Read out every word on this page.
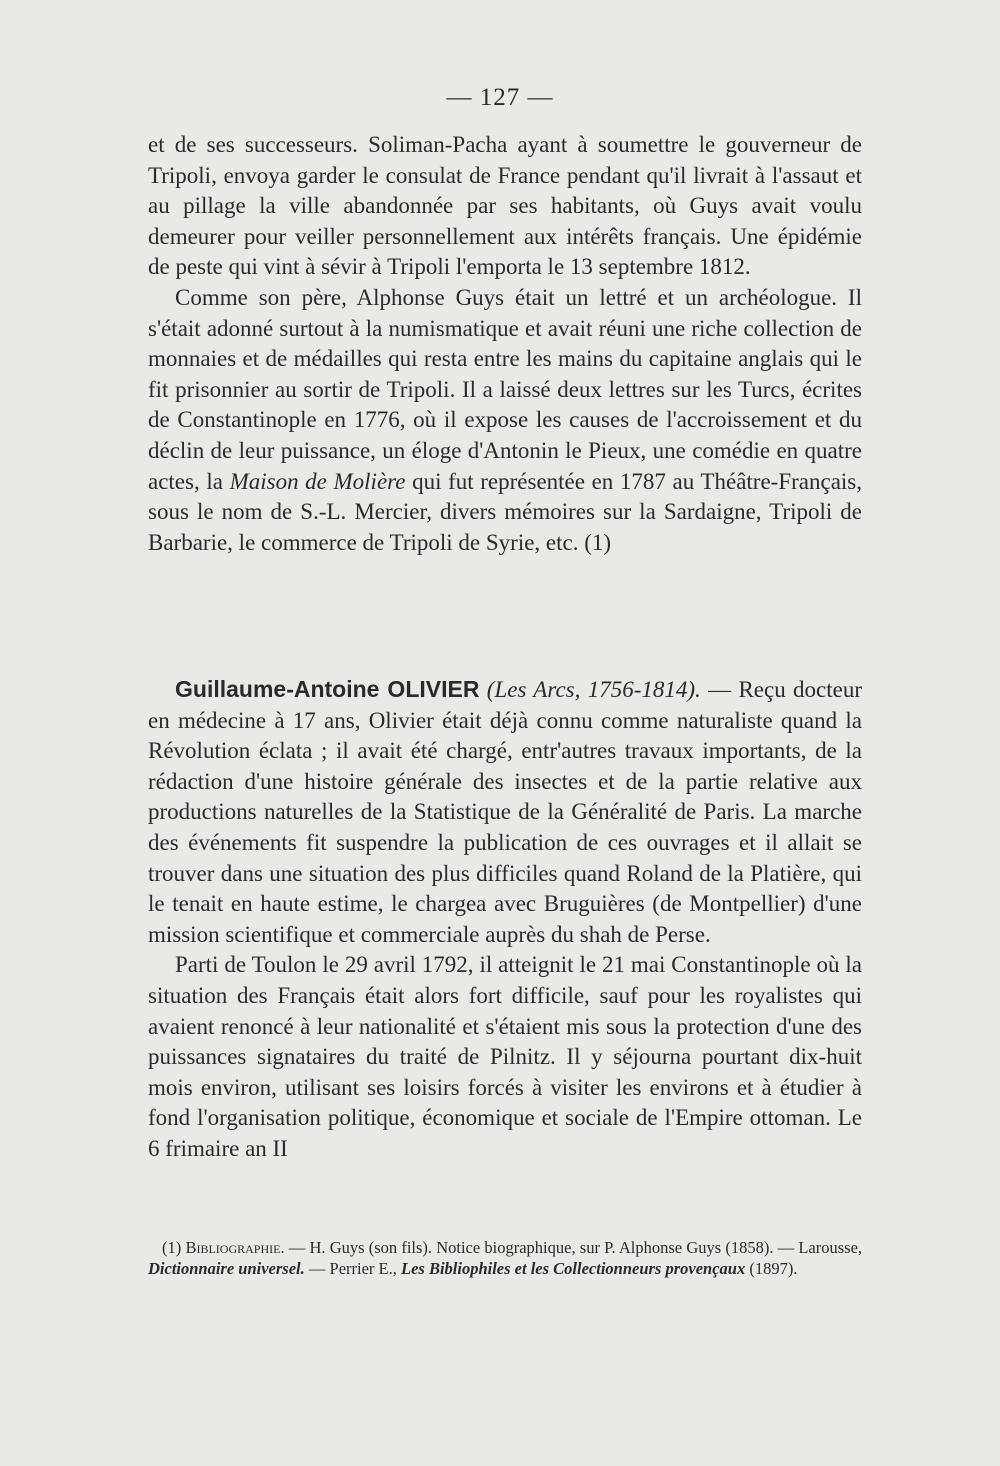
— 127 —

et de ses successeurs. Soliman-Pacha ayant à soumettre le gouverneur de Tripoli, envoya garder le consulat de France pendant qu'il livrait à l'assaut et au pillage la ville abandonnée par ses habitants, où Guys avait voulu demeurer pour veiller personnellement aux intérêts français. Une épidémie de peste qui vint à sévir à Tripoli l'emporta le 13 septembre 1812.

Comme son père, Alphonse Guys était un lettré et un archéologue. Il s'était adonné surtout à la numismatique et avait réuni une riche collection de monnaies et de médailles qui resta entre les mains du capitaine anglais qui le fit prisonnier au sortir de Tripoli. Il a laissé deux lettres sur les Turcs, écrites de Constantinople en 1776, où il expose les causes de l'accroissement et du déclin de leur puissance, un éloge d'Antonin le Pieux, une comédie en quatre actes, la Maison de Molière qui fut représentée en 1787 au Théâtre-Français, sous le nom de S.-L. Mercier, divers mémoires sur la Sardaigne, Tripoli de Barbarie, le commerce de Tripoli de Syrie, etc. (1)

Guillaume-Antoine OLIVIER (Les Arcs, 1756-1814). — Reçu docteur en médecine à 17 ans, Olivier était déjà connu comme naturaliste quand la Révolution éclata ; il avait été chargé, entr'autres travaux importants, de la rédaction d'une histoire générale des insectes et de la partie relative aux productions naturelles de la Statistique de la Généralité de Paris. La marche des événements fit suspendre la publication de ces ouvrages et il allait se trouver dans une situation des plus difficiles quand Roland de la Platière, qui le tenait en haute estime, le chargea avec Bruguières (de Montpellier) d'une mission scientifique et commerciale auprès du shah de Perse.

Parti de Toulon le 29 avril 1792, il atteignit le 21 mai Constantinople où la situation des Français était alors fort difficile, sauf pour les royalistes qui avaient renoncé à leur nationalité et s'étaient mis sous la protection d'une des puissances signataires du traité de Pilnitz. Il y séjourna pourtant dix-huit mois environ, utilisant ses loisirs forcés à visiter les environs et à étudier à fond l'organisation politique, économique et sociale de l'Empire ottoman. Le 6 frimaire an II

(1) Bibliographie. — H. Guys (son fils). Notice biographique, sur P. Alphonse Guys (1858). — Larousse, Dictionnaire universel. — Perrier E., Les Bibliophiles et les Collectionneurs provençaux (1897).
